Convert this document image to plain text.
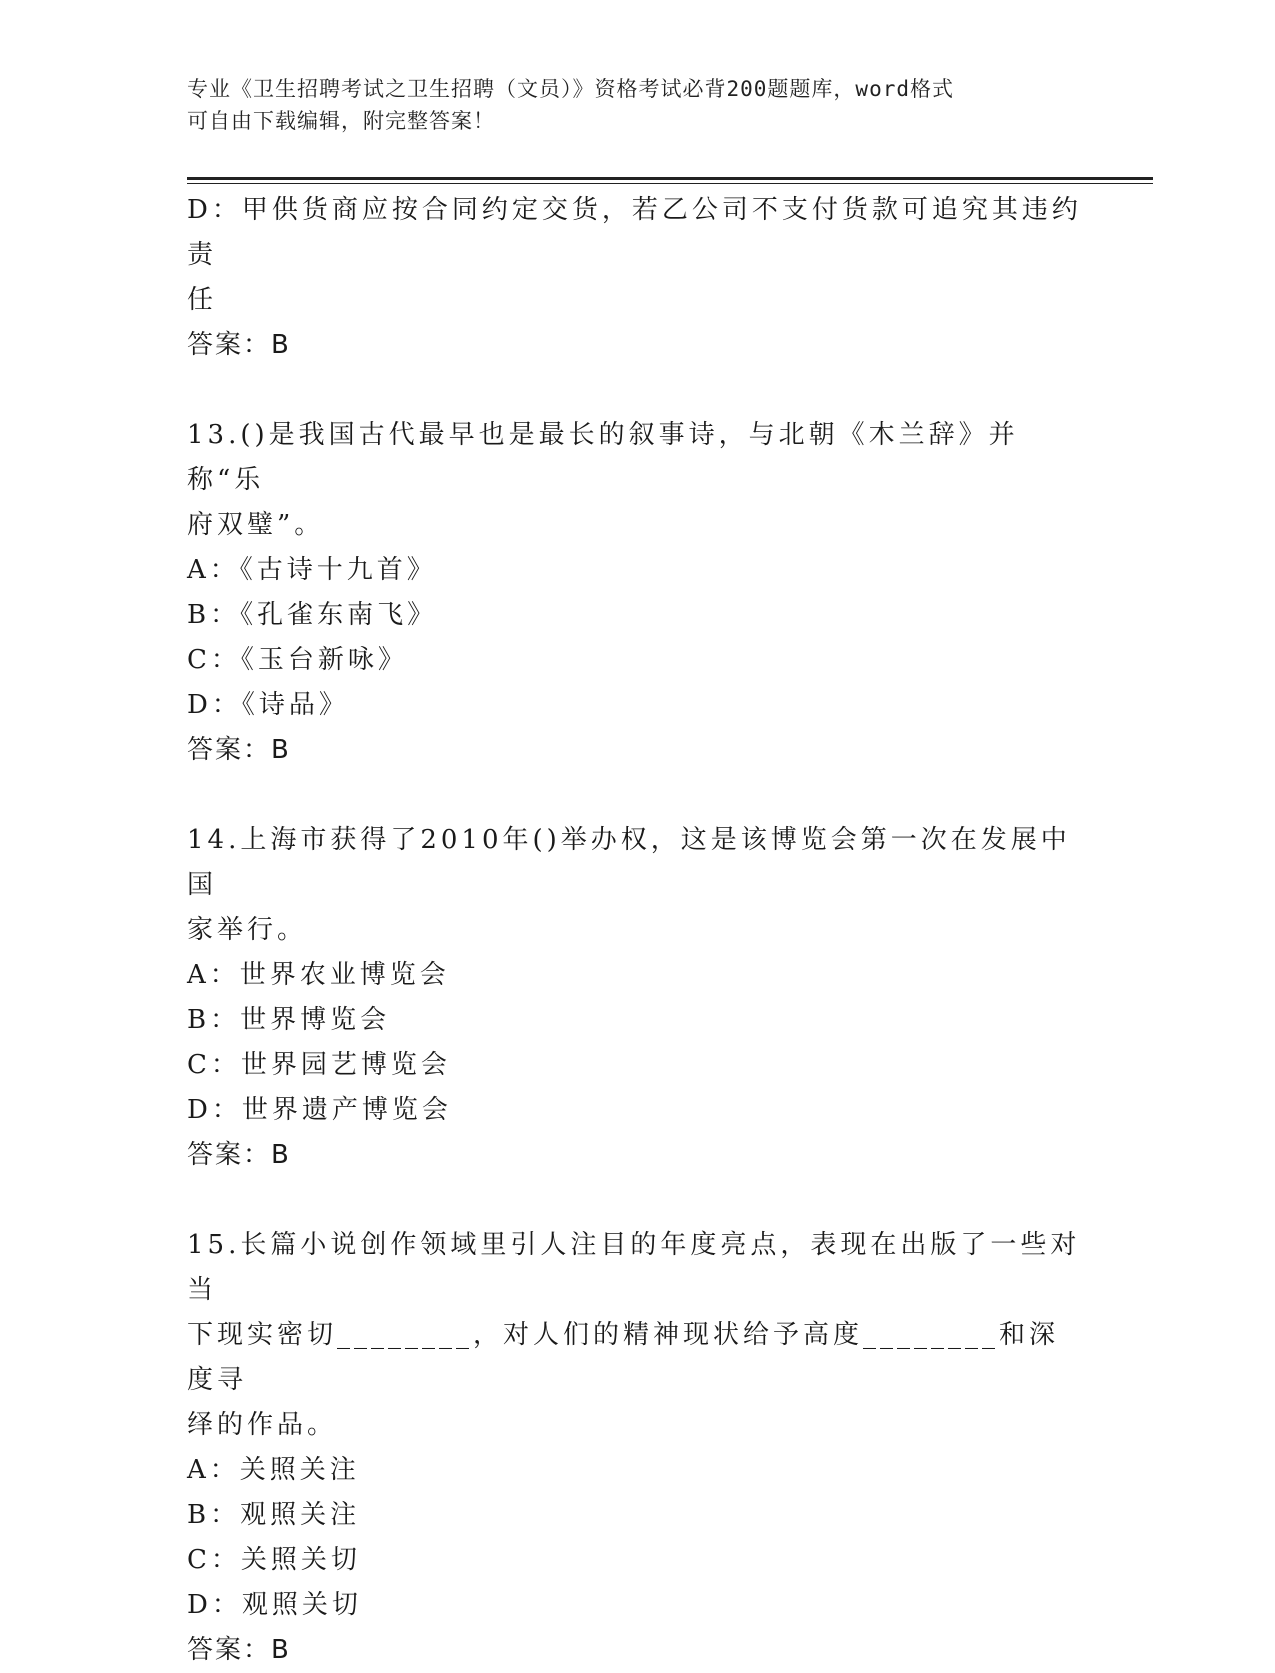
专业《卫生招聘考试之卫生招聘（文员）》资格考试必背200题题库，word格式
可自由下载编辑，附完整答案！

D：甲供货商应按合同约定交货，若乙公司不支付货款可追究其违约责

任

答案：B

13.()是我国古代最早也是最长的叙事诗，与北朝《木兰辞》并称“乐

府双璧”。

A：《古诗十九首》

B：《孔雀东南飞》

C：《玉台新咏》

D：《诗品》

答案：B

14.上海市获得了2010年()举办权，这是该博览会第一次在发展中国

家举行。

A：世界农业博览会

B：世界博览会

C：世界园艺博览会

D：世界遗产博览会

答案：B

15.长篇小说创作领域里引人注目的年度亮点，表现在出版了一些对当

下现实密切________，对人们的精神现状给予高度________和深度寻

绎的作品。

A：关照关注

B：观照关注

C：关照关切

D：观照关切

答案：B
